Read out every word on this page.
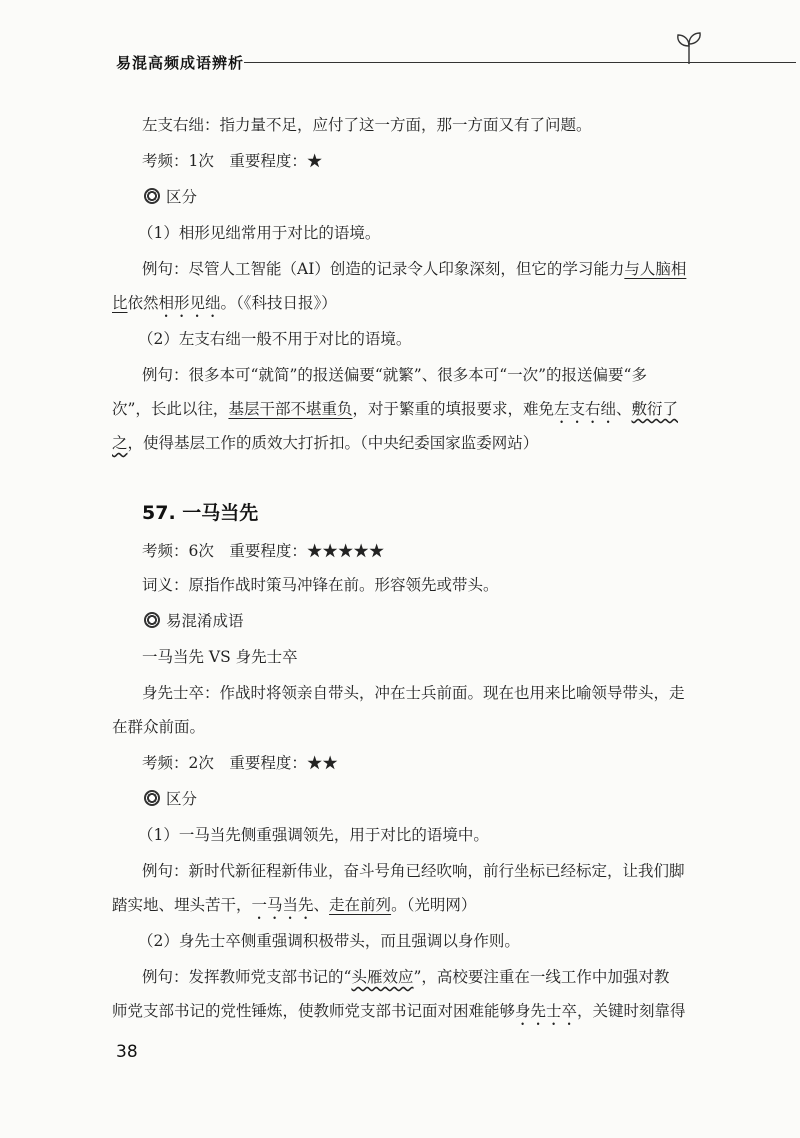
易混高频成语辨析
左支右绌：指力量不足，应付了这一方面，那一方面又有了问题。
考频：1次　重要程度：★
区分
（1）相形见绌常用于对比的语境。
例句：尽管人工智能（AI）创造的记录令人印象深刻，但它的学习能力与人脑相
比依然相形见绌。（《科技日报》）
（2）左支右绌一般不用于对比的语境。
例句：很多本可“就简”的报送偏要“就繁”、很多本可“一次”的报送偏要“多
次”，长此以往，基层干部不堪重负，对于繁重的填报要求，难免左支右绌、敷衍了
之，使得基层工作的质效大打折扣。（中央纪委国家监委网站）
57. 一马当先
考频：6次　重要程度：★★★★★
词义：原指作战时策马冲锋在前。形容领先或带头。
易混淆成语
一马当先 VS 身先士卒
身先士卒：作战时将领亲自带头，冲在士兵前面。现在也用来比喻领导带头，走
在群众前面。
考频：2次　重要程度：★★
区分
（1）一马当先侧重强调领先，用于对比的语境中。
例句：新时代新征程新伟业，奋斗号角已经吹响，前行坐标已经标定，让我们脚
踏实地、埋头苦干，一马当先、走在前列。（光明网）
（2）身先士卒侧重强调积极带头，而且强调以身作则。
例句：发挥教师党支部书记的“头雁效应”，高校要注重在一线工作中加强对教
师党支部书记的党性锤炼，使教师党支部书记面对困难能够身先士卒，关键时刻靠得
38
